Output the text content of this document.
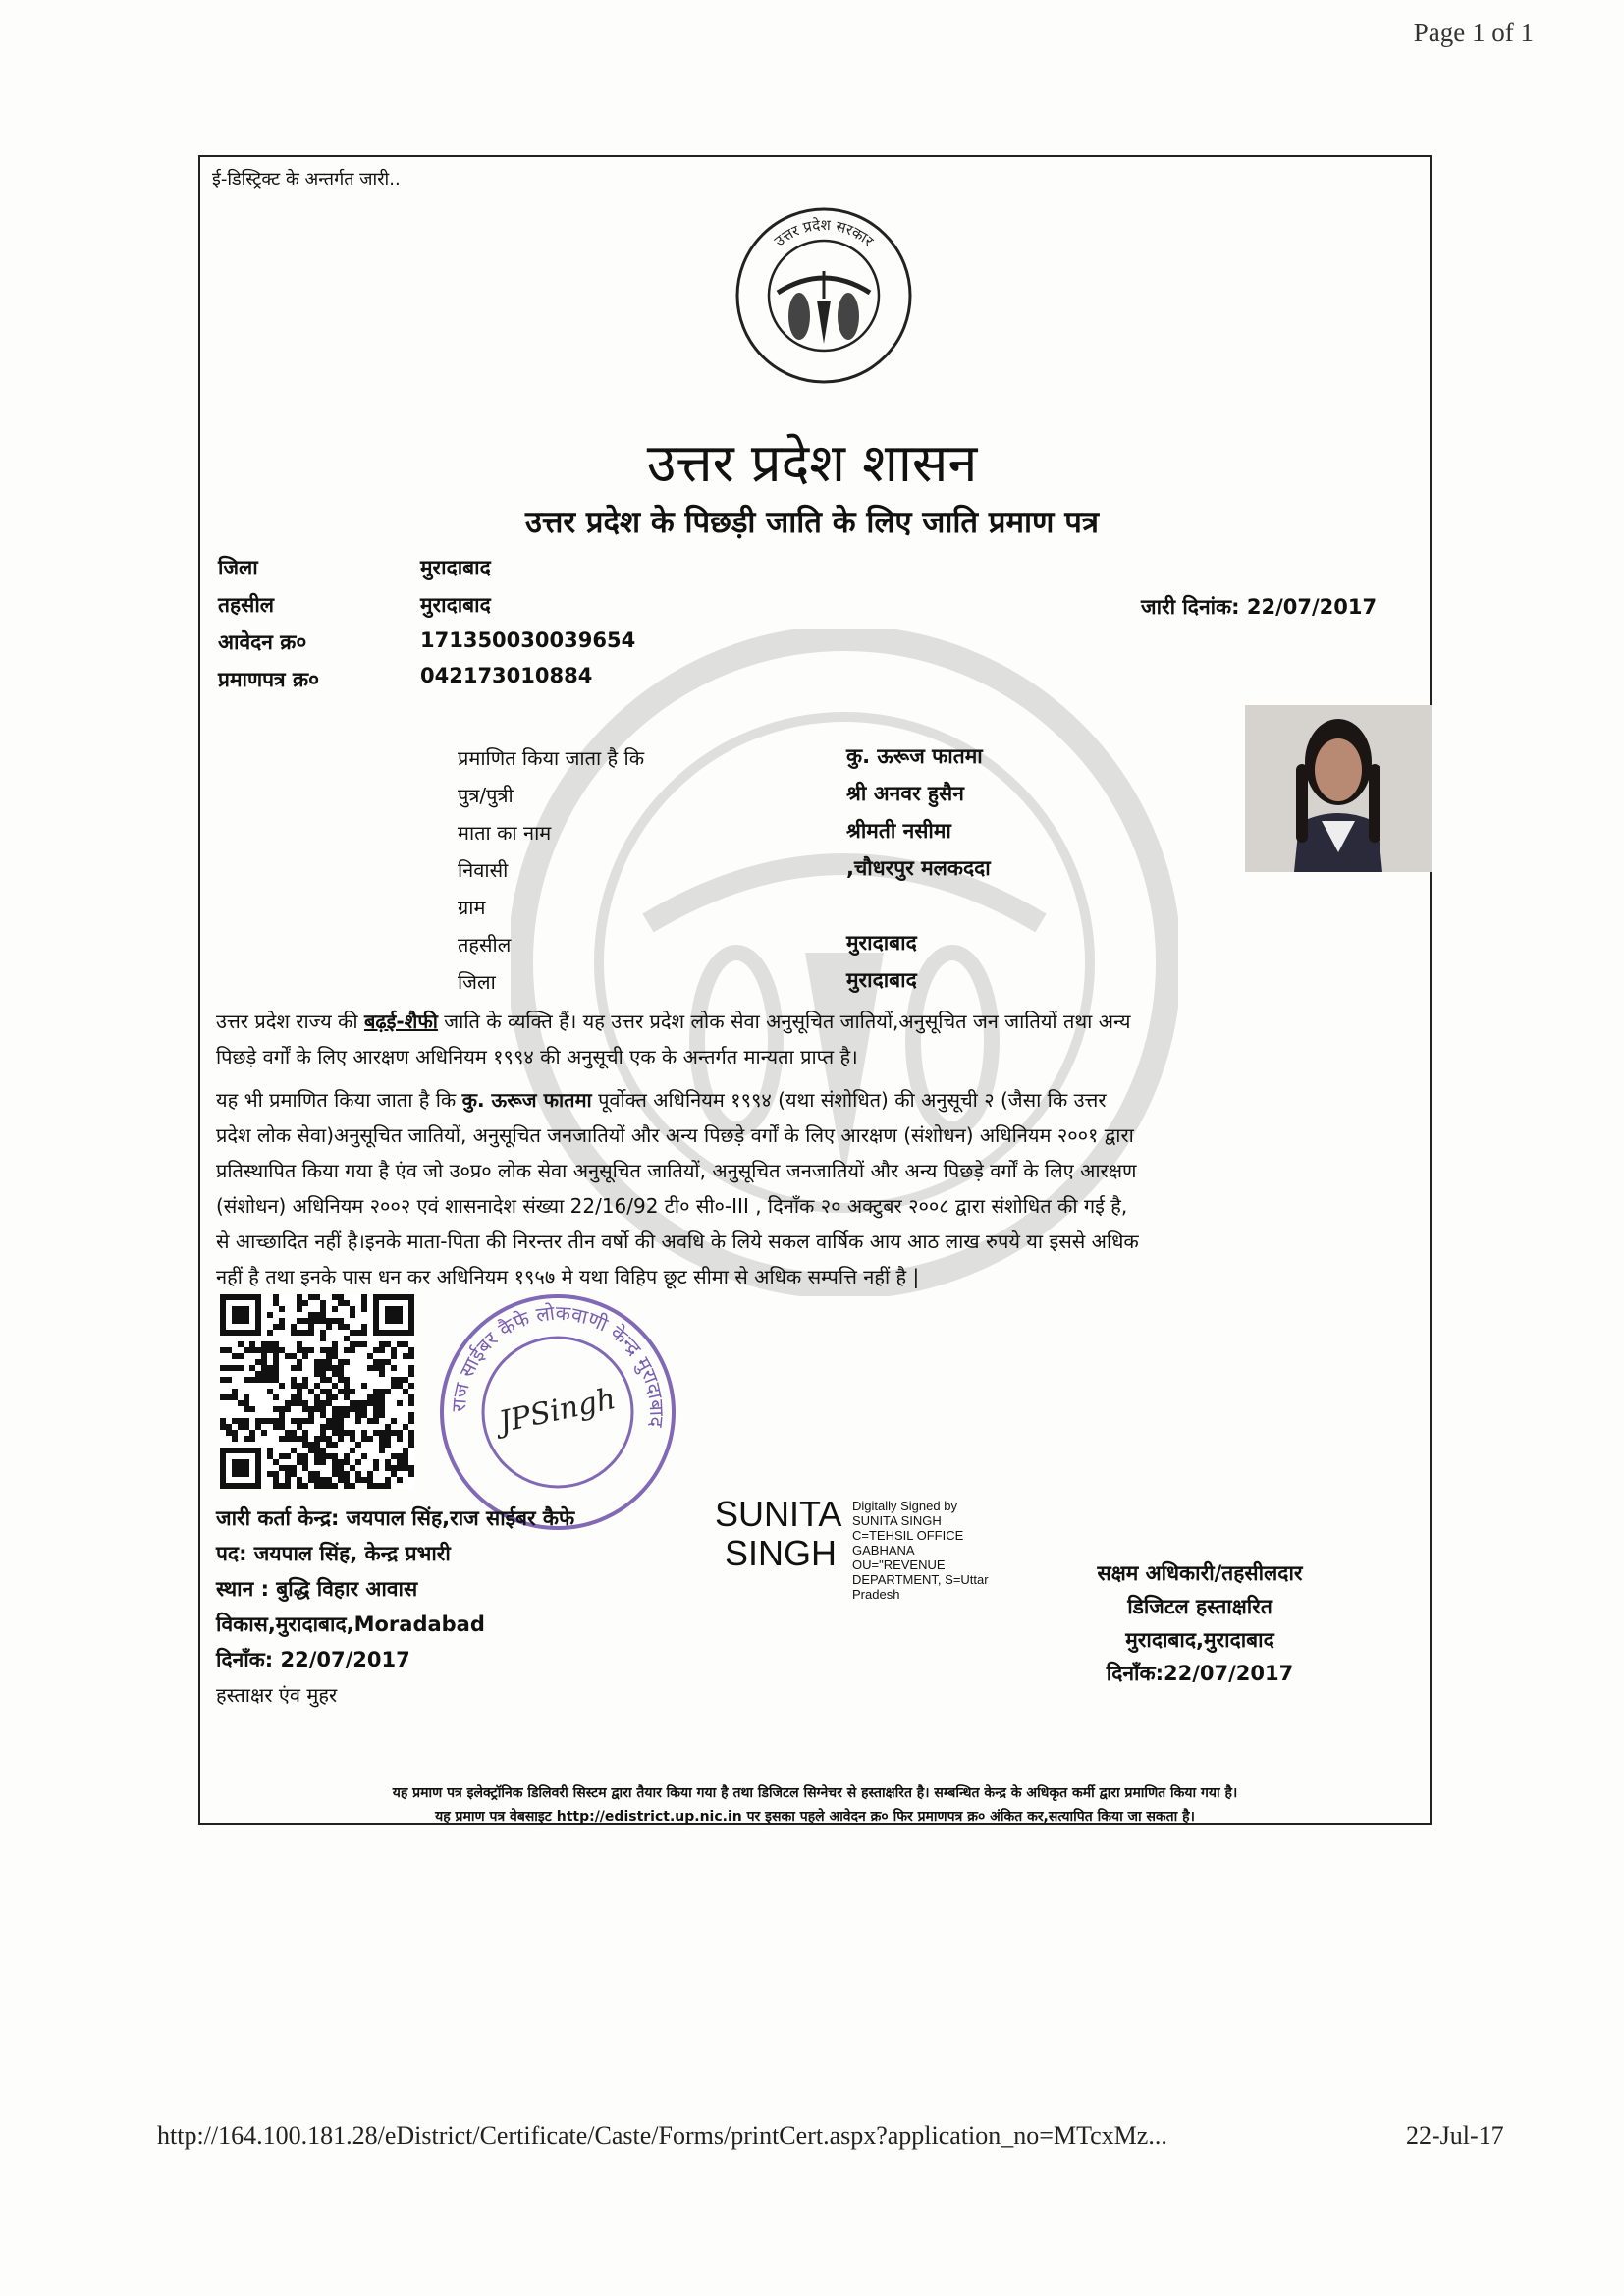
Page 1 of 1
ई-डिस्ट्रिक्ट के अन्तर्गत जारी..
उत्तर प्रदेश सरकार
उत्तर प्रदेश शासन
उत्तर प्रदेश के पिछड़ी जाति के लिए जाति प्रमाण पत्र
जिला	मुरादाबाद
तहसील	मुरादाबाद
आवेदन क्र०	171350030039654
प्रमाणपत्र क्र०	042173010884
जारी दिनांक: 22/07/2017
प्रमाणित किया जाता है कि	कु. ऊरूज फातमा
पुत्र/पुत्री	श्री अनवर हुसैन
माता का नाम	श्रीमती नसीमा
निवासी	,चौधरपुर मलकददा
ग्राम
तहसील	मुरादाबाद
जिला	मुरादाबाद
उत्तर प्रदेश राज्य की बढ़ई-शैफी जाति के व्यक्ति हैं। यह उत्तर प्रदेश लोक सेवा अनुसूचित जातियों,अनुसूचित जन जातियों तथा अन्य
पिछड़े वर्गों के लिए आरक्षण अधिनियम १९९४ की अनुसूची एक के अन्तर्गत मान्यता प्राप्त है।
यह भी प्रमाणित किया जाता है कि कु. ऊरूज फातमा पूर्वोक्त अधिनियम १९९४ (यथा संशोधित) की अनुसूची २ (जैसा कि उत्तर
प्रदेश लोक सेवा)अनुसूचित जातियों, अनुसूचित जनजातियों और अन्य पिछड़े वर्गों के लिए आरक्षण (संशोधन) अधिनियम २००१ द्वारा
प्रतिस्थापित किया गया है एंव जो उ०प्र० लोक सेवा अनुसूचित जातियों, अनुसूचित जनजातियों और अन्य पिछड़े वर्गों के लिए आरक्षण
(संशोधन) अधिनियम २००२ एवं शासनादेश संख्या 22/16/92 टी० सी०-III , दिनाँक २० अक्टुबर २००८ द्वारा संशोधित की गई है,
से आच्छादित नहीं है।इनके माता-पिता की निरन्तर तीन वर्षो की अवधि के लिये सकल वार्षिक आय आठ लाख रुपये या इससे अधिक
नहीं है तथा इनके पास धन कर अधिनियम १९५७ मे यथा विहिप छूट सीमा से अधिक सम्पत्ति नहीं है |
राज साईबर कैफे लोकवाणी केन्द्र मुरादाबाद
JPSingh
जारी कर्ता केन्द्र: जयपाल सिंह,राज साईबर कैफे
पद: जयपाल सिंह, केन्द्र प्रभारी
स्थान : बुद्धि विहार आवास
विकास,मुरादाबाद,Moradabad
दिनाँक: 22/07/2017
हस्ताक्षर एंव मुहर
SUNITA
SINGH
Digitally Signed by
SUNITA SINGH
C=TEHSIL OFFICE
GABHANA
OU="REVENUE
DEPARTMENT, S=Uttar
Pradesh
सक्षम अधिकारी/तहसीलदार
डिजिटल हस्ताक्षरित
मुरादाबाद,मुरादाबाद
दिनाँक:22/07/2017
यह प्रमाण पत्र इलेक्ट्रॉनिक डिलिवरी सिस्टम द्वारा तैयार किया गया है तथा डिजिटल सिग्नेचर से हस्ताक्षरित है। सम्बन्धित केन्द्र के अधिकृत कर्मी द्वारा प्रमाणित किया गया है।
यह प्रमाण पत्र वेबसाइट http://edistrict.up.nic.in पर इसका पहले आवेदन क्र० फिर प्रमाणपत्र क्र० अंकित कर,सत्यापित किया जा सकता है।
http://164.100.181.28/eDistrict/Certificate/Caste/Forms/printCert.aspx?application_no=MTcxMz...	22-Jul-17
